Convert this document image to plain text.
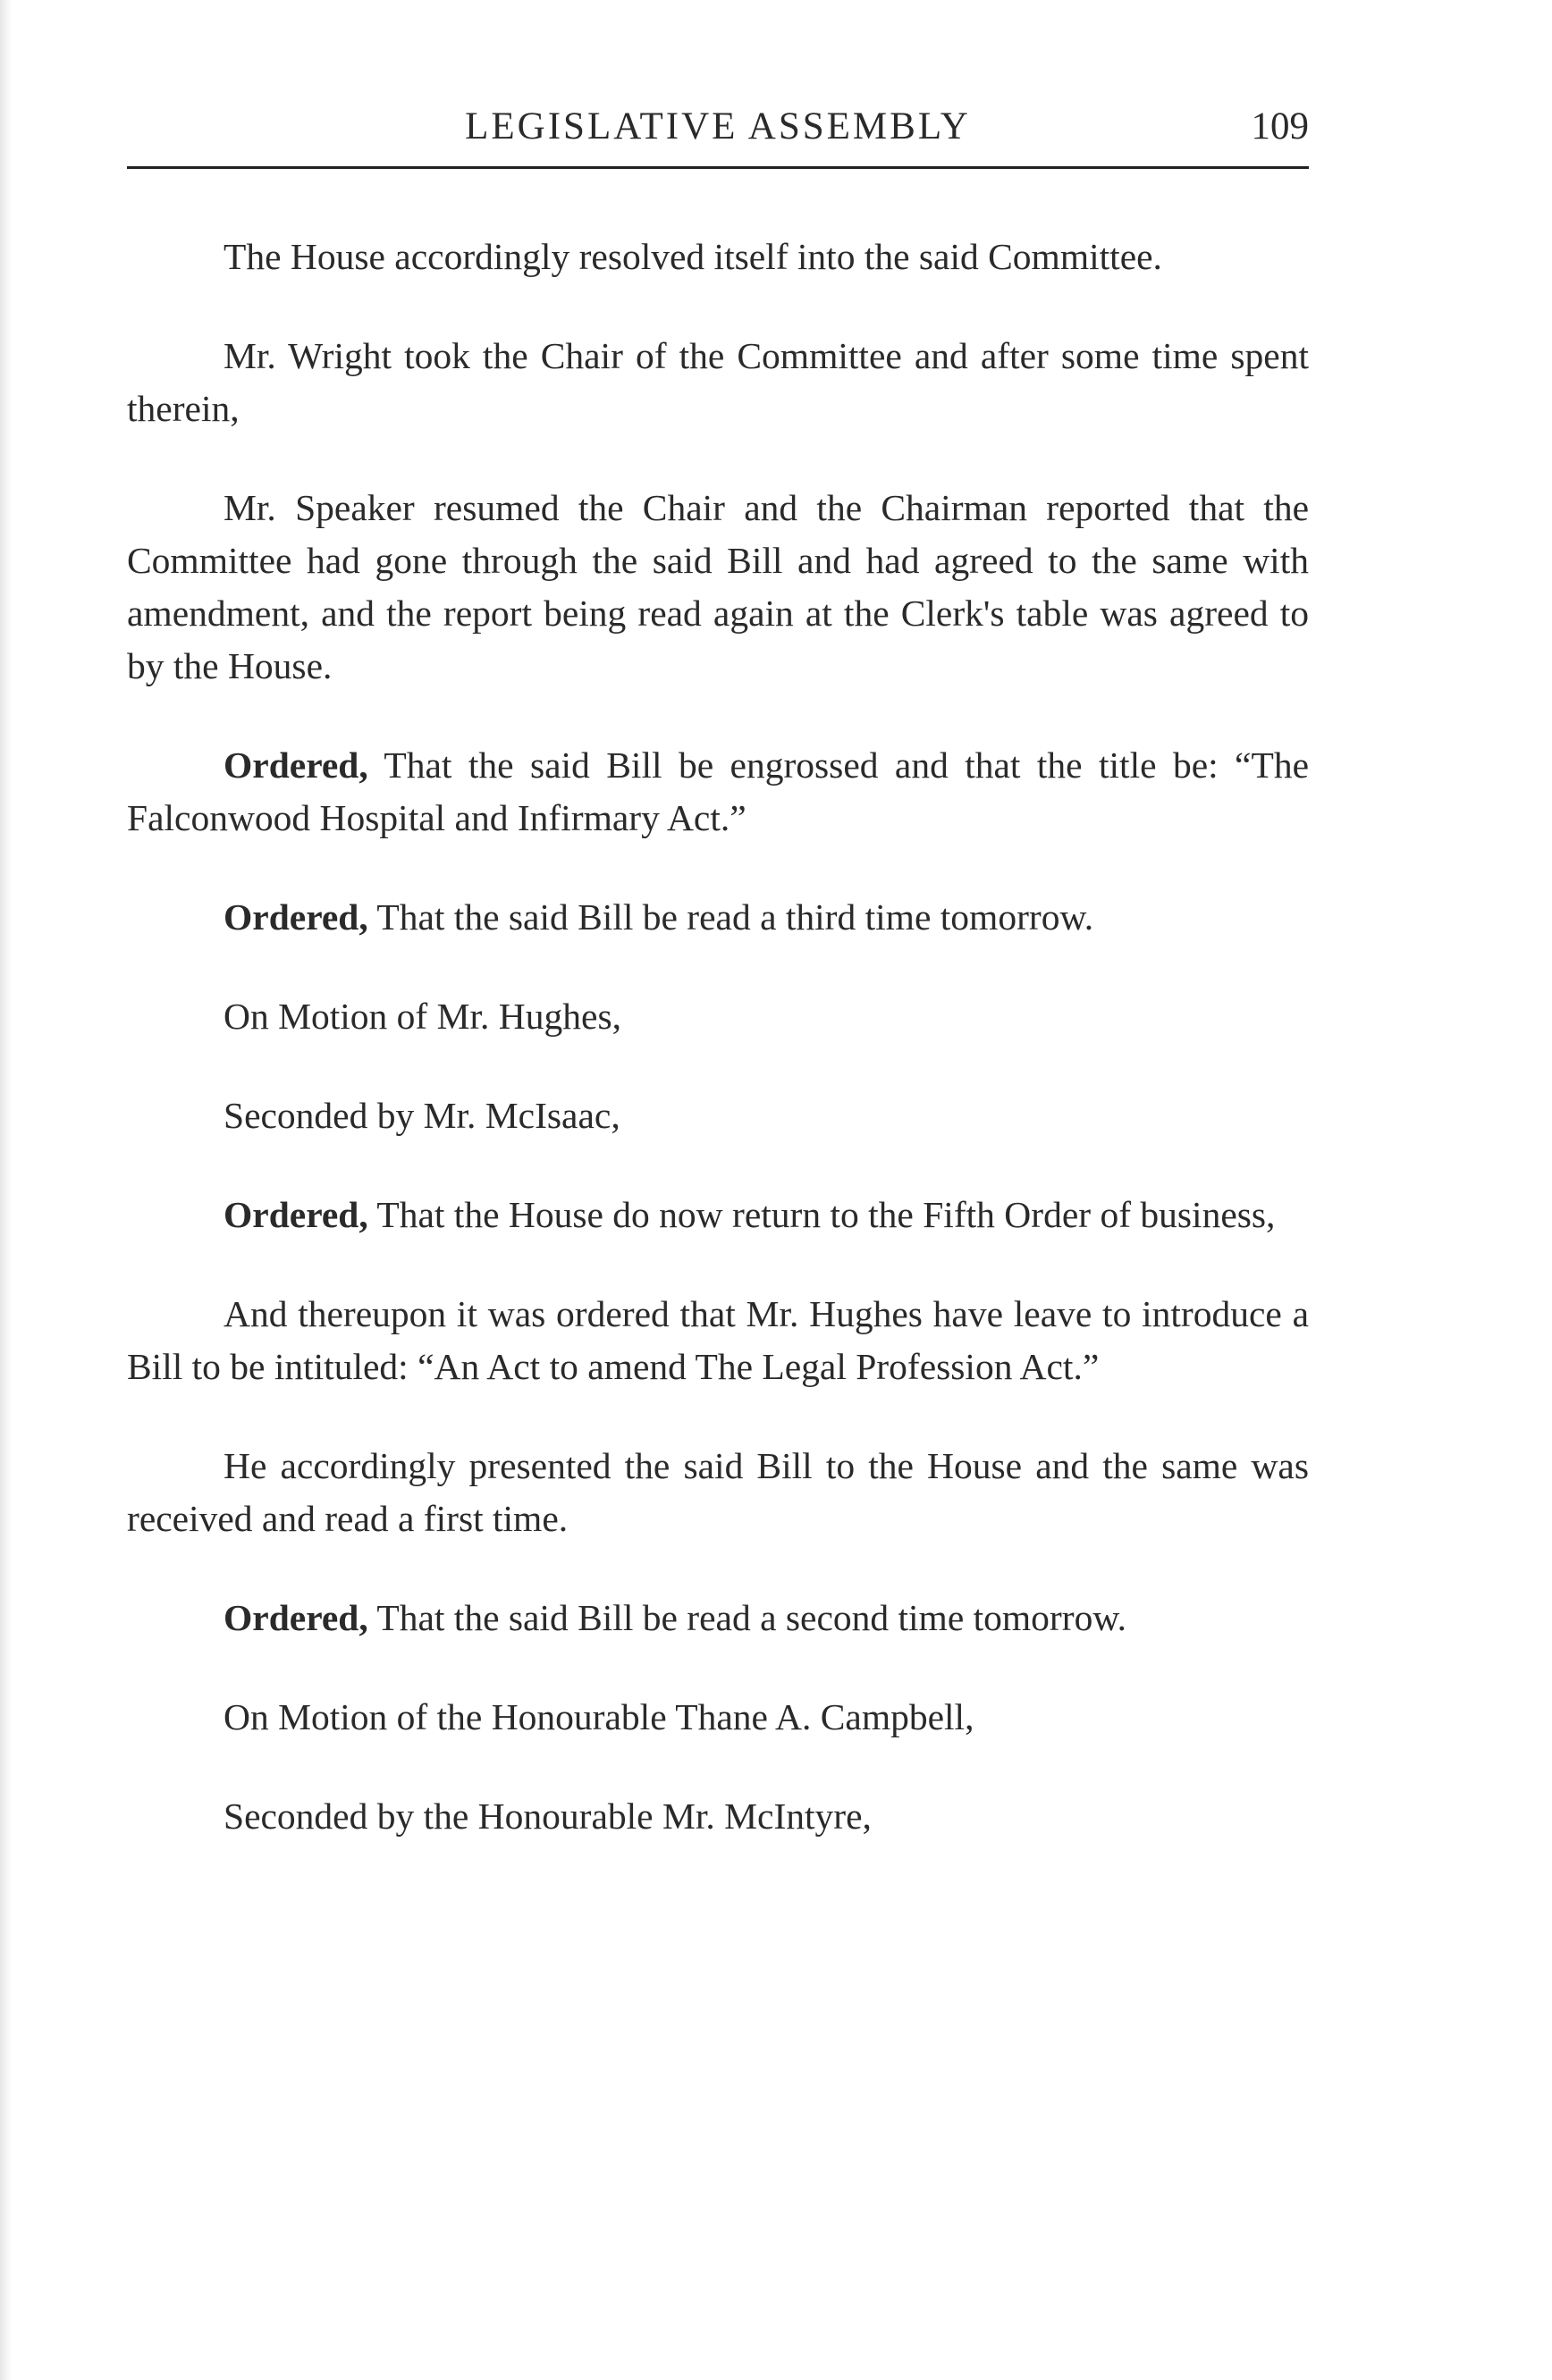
LEGISLATIVE ASSEMBLY	109

The House accordingly resolved itself into the said Committee.

Mr. Wright took the Chair of the Committee and after some time spent therein,

Mr. Speaker resumed the Chair and the Chairman reported that the Committee had gone through the said Bill and had agreed to the same with amendment, and the report being read again at the Clerk's table was agreed to by the House.

Ordered, That the said Bill be engrossed and that the title be: “The Falconwood Hospital and Infirmary Act.”

Ordered, That the said Bill be read a third time tomorrow.

On Motion of Mr. Hughes,

Seconded by Mr. McIsaac,

Ordered, That the House do now return to the Fifth Order of business,

And thereupon it was ordered that Mr. Hughes have leave to introduce a Bill to be intituled: “An Act to amend The Legal Profession Act.”

He accordingly presented the said Bill to the House and the same was received and read a first time.

Ordered, That the said Bill be read a second time tomorrow.

On Motion of the Honourable Thane A. Campbell,

Seconded by the Honourable Mr. McIntyre,
